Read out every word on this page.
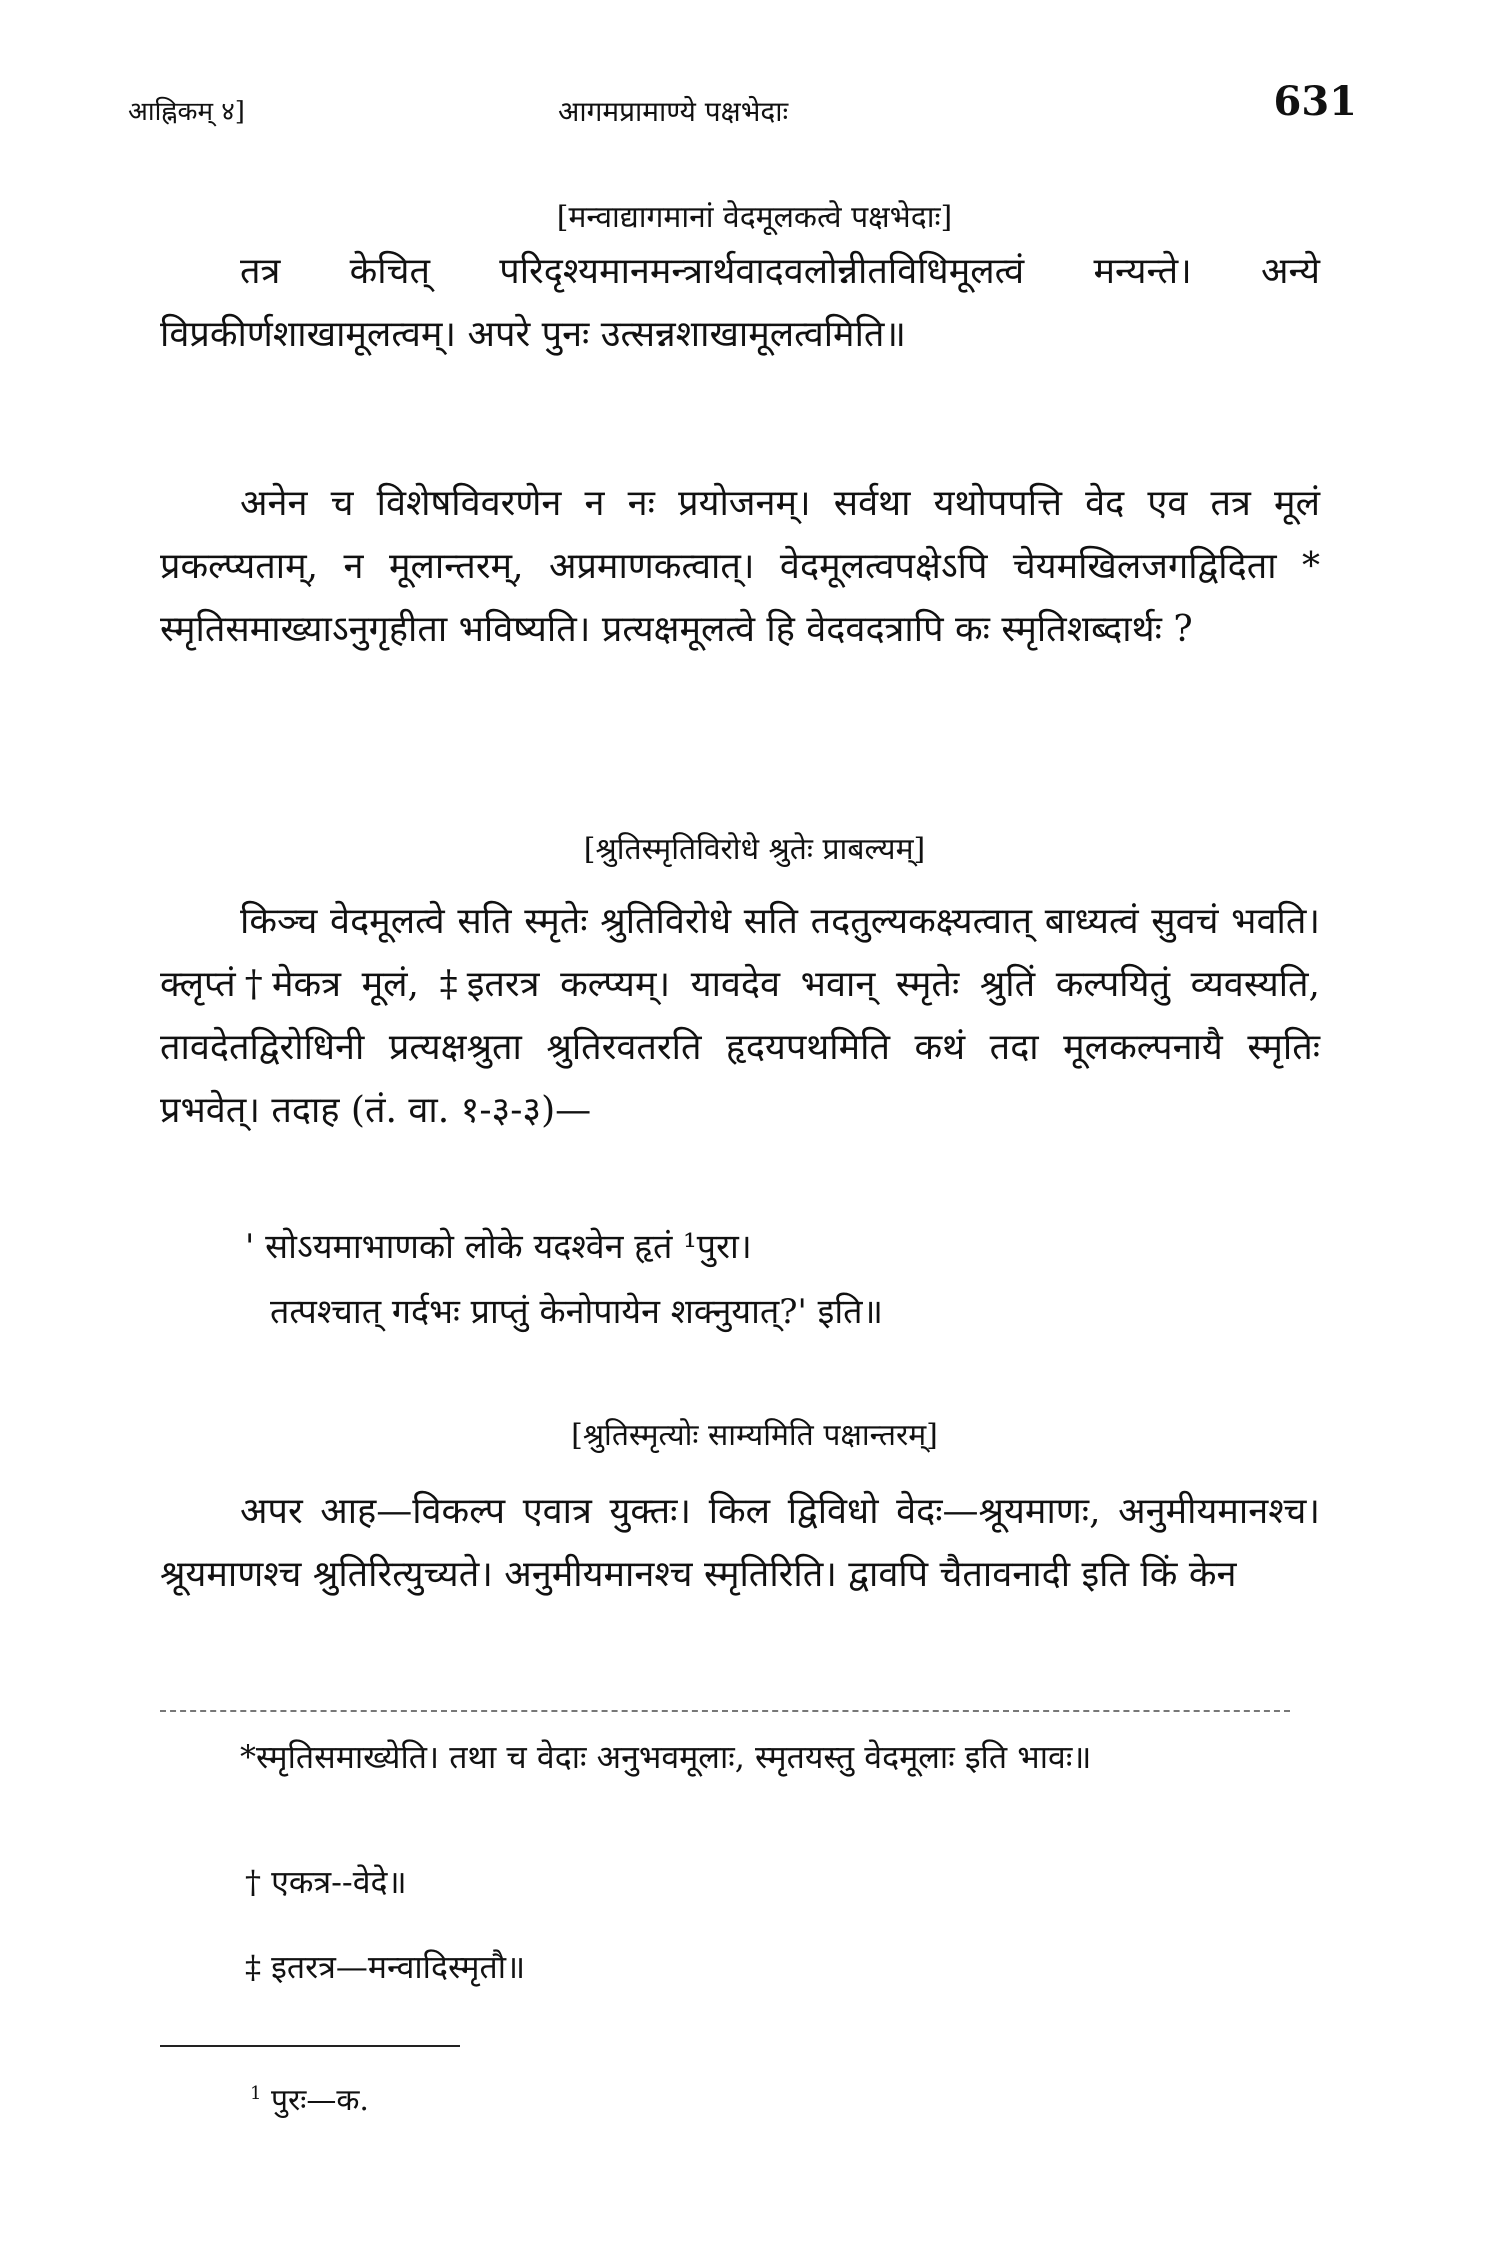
आह्निकम् ४]	आगमप्रामाण्ये पक्षभेदाः	631
[मन्वाद्यागमानां वेदमूलकत्वे पक्षभेदाः]

तत्र केचित् परिदृश्यमानमन्त्रार्थवादवलोन्नीतविधिमूलत्वं मन्यन्ते। अन्ये विप्रकीर्णशाखामूलत्वम्। अपरे पुनः उत्सन्नशाखामूलत्वमिति॥

अनेन च विशेषविवरणेन न नः प्रयोजनम्। सर्वथा यथोपपत्ति वेद एव तत्र मूलं प्रकल्प्यताम्, न मूलान्तरम्, अप्रमाणकत्वात्। वेदमूलत्वपक्षेऽपि चेयमखिलजगद्विदिता * स्मृतिसमाख्याऽनुगृहीता भविष्यति। प्रत्यक्षमूलत्वे हि वेदवदत्रापि कः स्मृतिशब्दार्थः ?

[श्रुतिस्मृतिविरोधे श्रुतेः प्राबल्यम्]

किञ्च वेदमूलत्वे सति स्मृतेः श्रुतिविरोधे सति तदतुल्यकक्ष्यत्वात् बाध्यत्वं सुवचं भवति। क्लृप्तं†मेकत्र मूलं, ‡इतरत्र कल्प्यम्। यावदेव भवान् स्मृतेः श्रुतिं कल्पयितुं व्यवस्यति, तावदेतद्विरोधिनी प्रत्यक्षश्रुता श्रुतिरवतरति हृदयपथमिति कथं तदा मूलकल्पनायै स्मृतिः प्रभवेत्। तदाह (तं. वा. १-३-३)—

' सोऽयमाभाणको लोके यदश्वेन हृतं ¹पुरा।
तत्पश्चात् गर्दभः प्राप्तुं केनोपायेन शक्नुयात्?' इति॥
[श्रुतिस्मृत्योः साम्यमिति पक्षान्तरम्]

अपर आह—विकल्प एवात्र युक्तः। किल द्विविधो वेदः—श्रूयमाणः, अनुमीयमानश्च। श्रूयमाणश्च श्रुतिरित्युच्यते। अनुमीयमानश्च स्मृतिरिति। द्वावपि चैतावनादी इति किं केन

*स्मृतिसमाख्येति। तथा च वेदाः अनुभवमूलाः, स्मृतयस्तु वेदमूलाः इति भावः॥

† एकत्र--वेदे॥
‡ इतरत्र—मन्वादिस्मृतौ॥
$^1$ पुरः—क.
